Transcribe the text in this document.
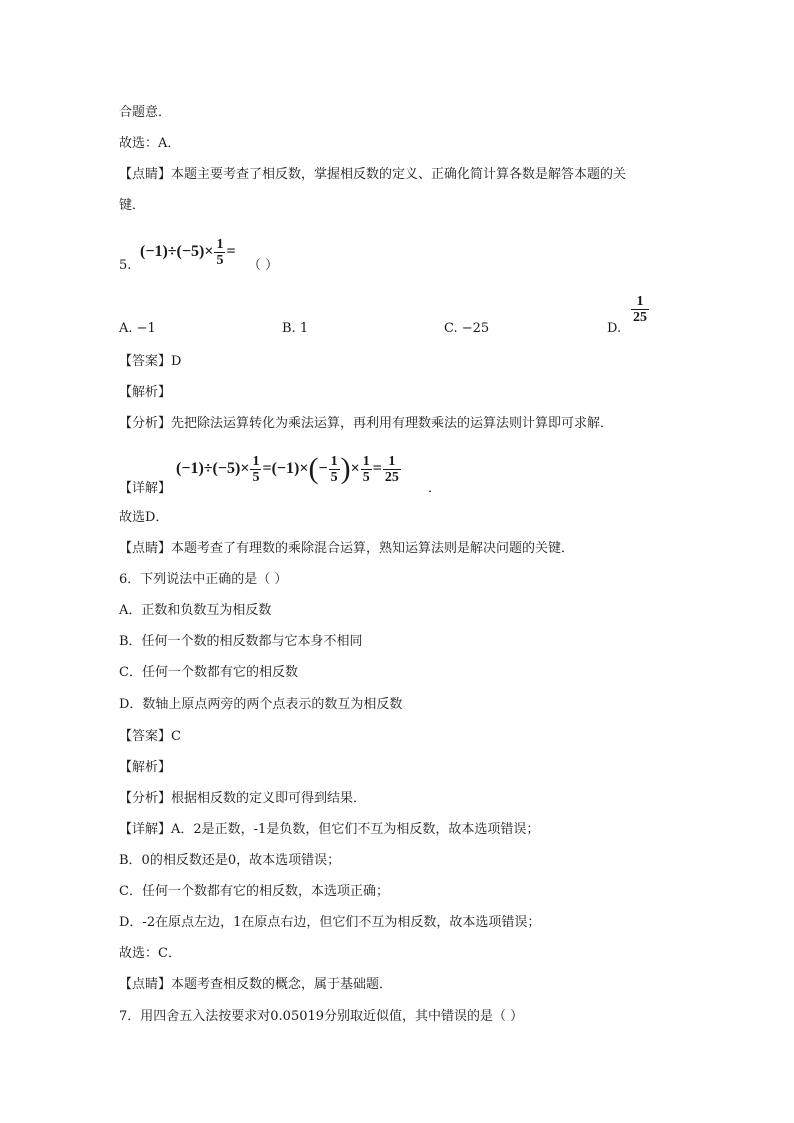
合题意．
故选：A．
【点睛】本题主要考查了相反数，掌握相反数的定义、正确化简计算各数是解答本题的关
键．
5.
$(-1)\div(-5)\times \frac{1}{5}$ =
（ ）
A. −1	B. 1	C. −25	D.
$\frac{1}{25}$
【答案】D
【解析】
【分析】先把除法运算转化为乘法运算，再利用有理数乘法的运算法则计算即可求解．
【详解】
$(-1)\div(-5)\times \frac{1}{5} =(-1)\times$ ( − $\frac{1}{5}$ ) × $\frac{1}{5} = \frac{1}{25}$
．
故选D．
【点睛】本题考查了有理数的乘除混合运算，熟知运算法则是解决问题的关键．
6．下列说法中正确的是（ ）
A．正数和负数互为相反数
B．任何一个数的相反数都与它本身不相同
C．任何一个数都有它的相反数
D．数轴上原点两旁的两个点表示的数互为相反数
【答案】C
【解析】
【分析】根据相反数的定义即可得到结果．
【详解】A．2是正数，-1是负数，但它们不互为相反数，故本选项错误；
B．0的相反数还是0，故本选项错误；
C．任何一个数都有它的相反数，本选项正确；
D．-2在原点左边，1在原点右边，但它们不互为相反数，故本选项错误；
故选：C．
【点睛】本题考查相反数的概念，属于基础题．
7．用四舍五入法按要求对0.05019分别取近似值，其中错误的是（ ）
